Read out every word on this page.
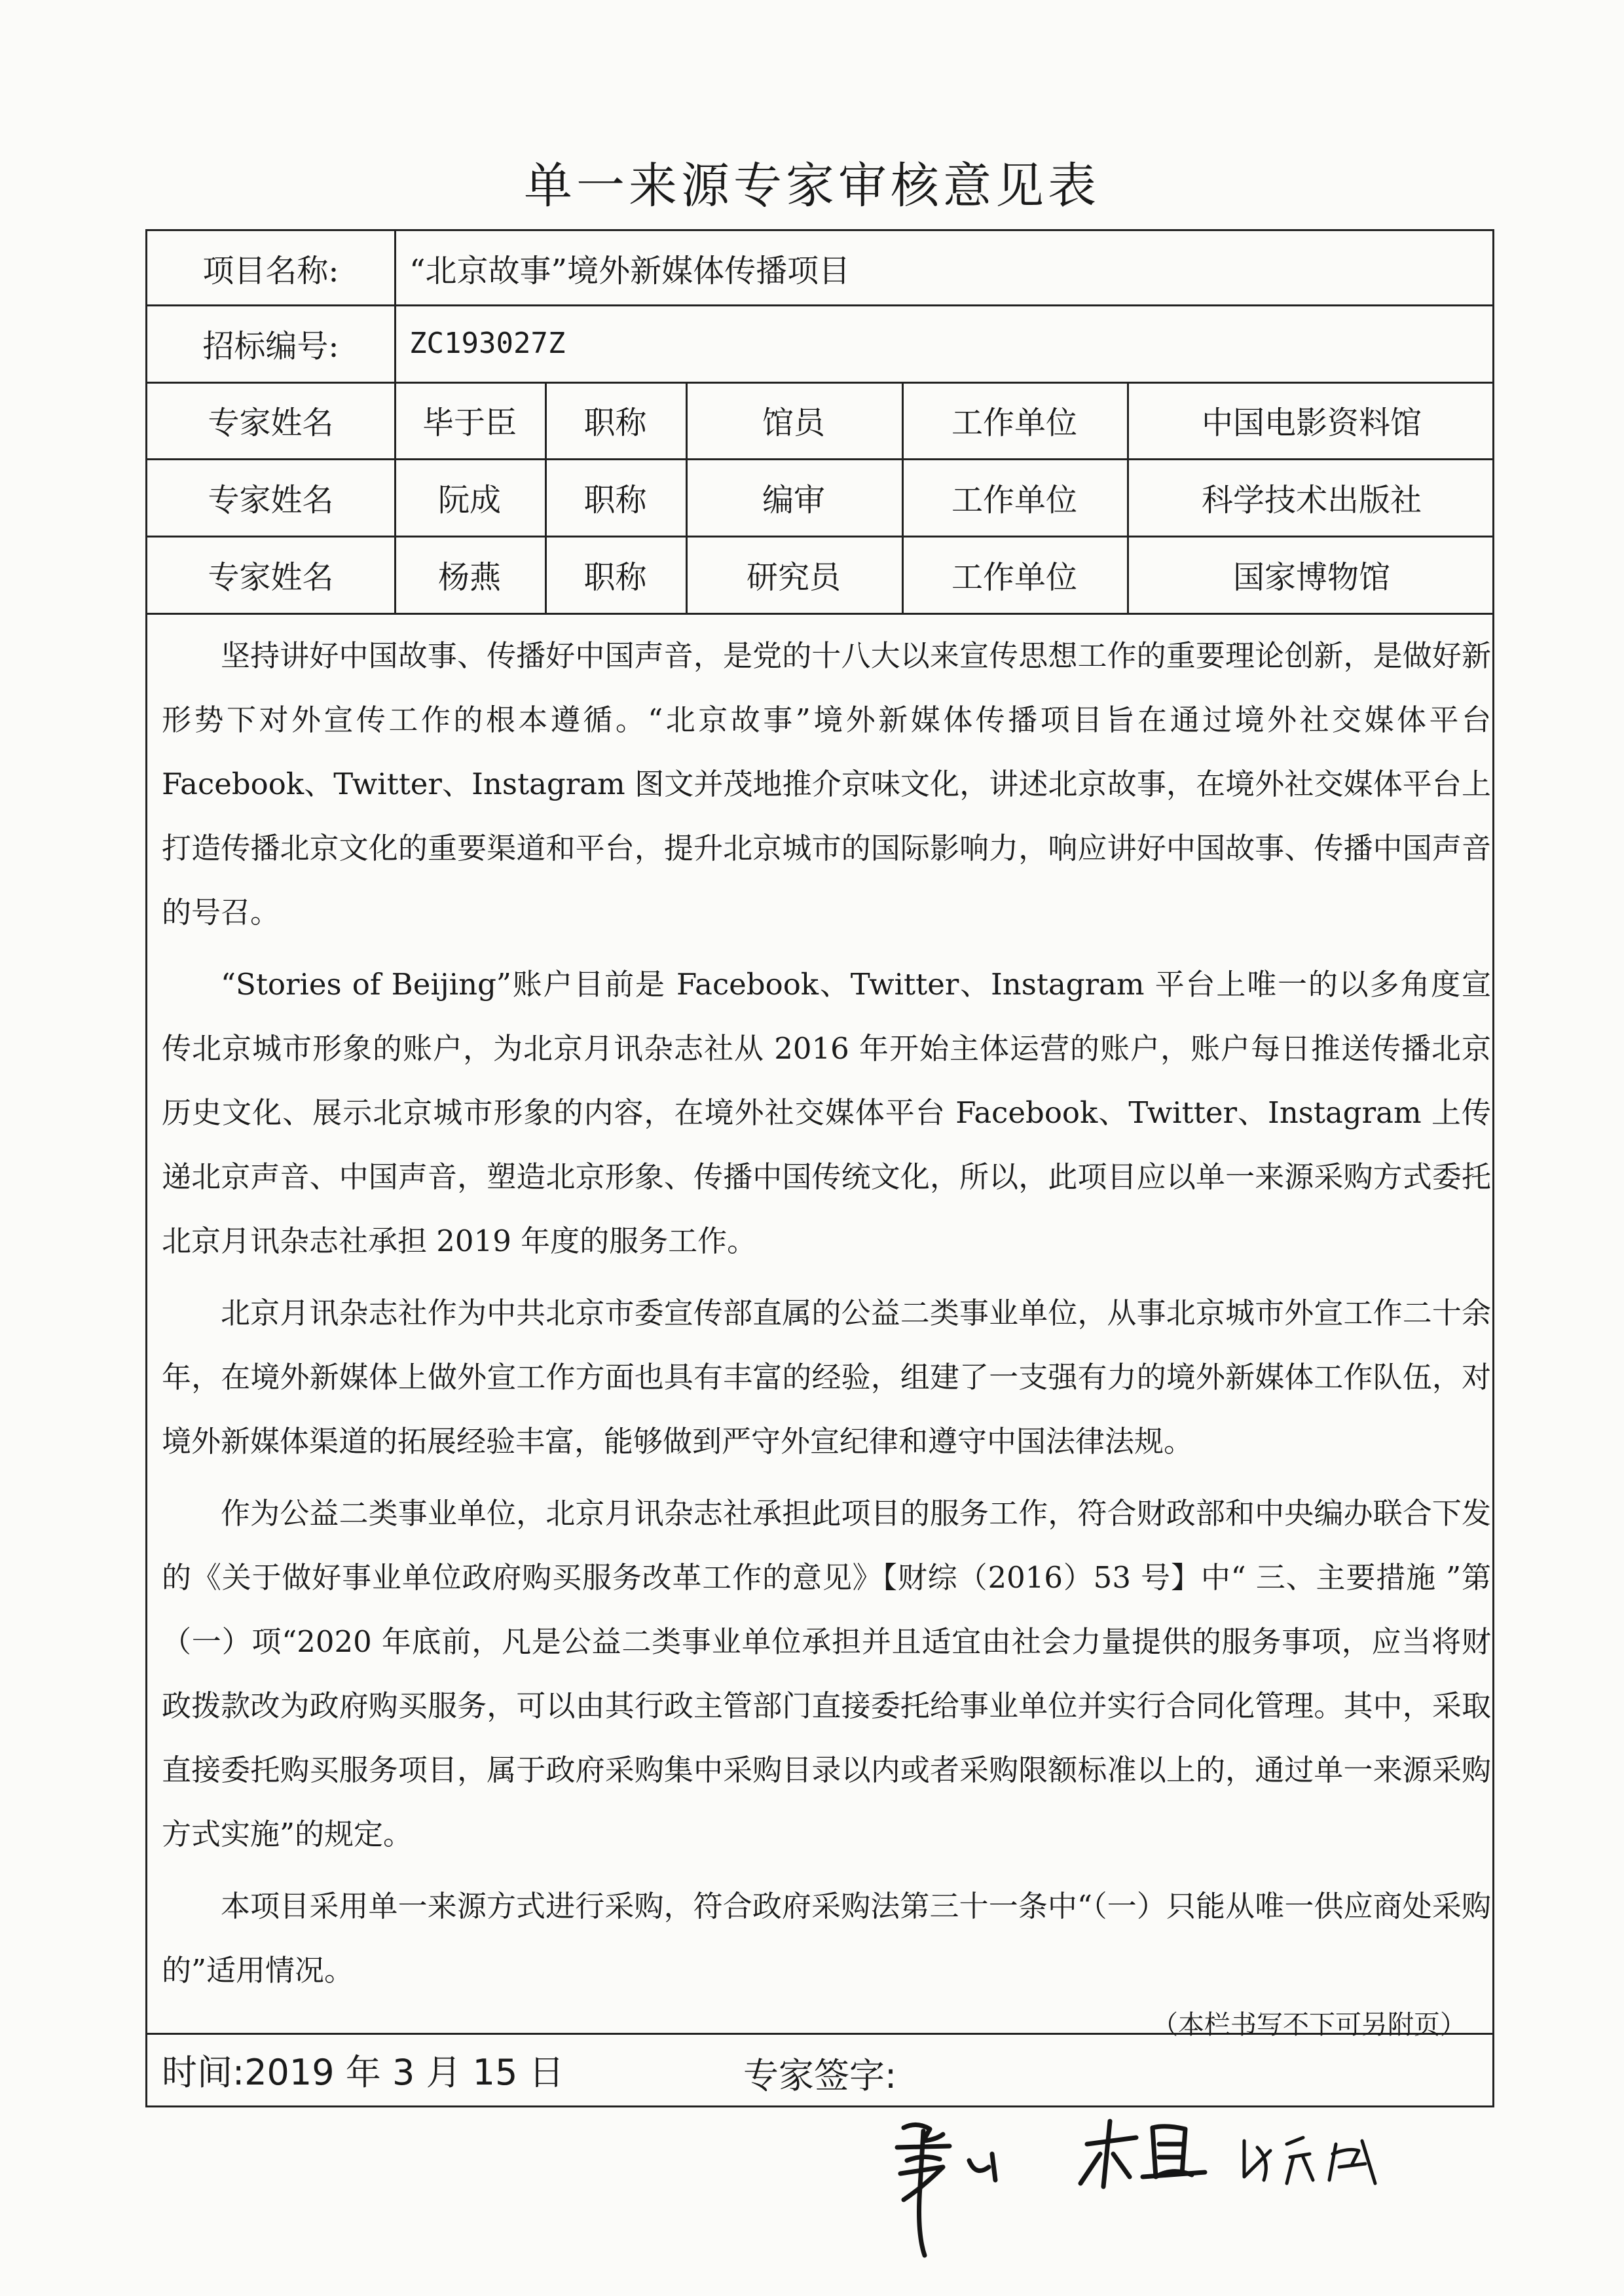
单一来源专家审核意见表
项目名称:	“北京故事”境外新媒体传播项目
招标编号:	ZC193027Z
专家姓名	毕于臣	职称	馆员	工作单位	中国电影资料馆
专家姓名	阮成	职称	编审	工作单位	科学技术出版社
专家姓名	杨燕	职称	研究员	工作单位	国家博物馆

坚持讲好中国故事、传播好中国声音，是党的十八大以来宣传思想工作的重要理论创新，是做好新形势下对外宣传工作的根本遵循。“北京故事”境外新媒体传播项目旨在通过境外社交媒体平台 Facebook、Twitter、Instagram 图文并茂地推介京味文化，讲述北京故事，在境外社交媒体平台上打造传播北京文化的重要渠道和平台，提升北京城市的国际影响力，响应讲好中国故事、传播中国声音的号召。

“Stories of Beijing”账户目前是 Facebook、Twitter、Instagram 平台上唯一的以多角度宣传北京城市形象的账户，为北京月讯杂志社从 2016 年开始主体运营的账户，账户每日推送传播北京历史文化、展示北京城市形象的内容，在境外社交媒体平台 Facebook、Twitter、Instagram 上传递北京声音、中国声音，塑造北京形象、传播中国传统文化，所以，此项目应以单一来源采购方式委托北京月讯杂志社承担 2019 年度的服务工作。

北京月讯杂志社作为中共北京市委宣传部直属的公益二类事业单位，从事北京城市外宣工作二十余年，在境外新媒体上做外宣工作方面也具有丰富的经验，组建了一支强有力的境外新媒体工作队伍，对境外新媒体渠道的拓展经验丰富，能够做到严守外宣纪律和遵守中国法律法规。

作为公益二类事业单位，北京月讯杂志社承担此项目的服务工作，符合财政部和中央编办联合下发的《关于做好事业单位政府购买服务改革工作的意见》【财综（2016）53 号】中“ 三、主要措施 ”第（一）项“2020 年底前，凡是公益二类事业单位承担并且适宜由社会力量提供的服务事项，应当将财政拨款改为政府购买服务，可以由其行政主管部门直接委托给事业单位并实行合同化管理。其中，采取直接委托购买服务项目，属于政府采购集中采购目录以内或者采购限额标准以上的，通过单一来源采购方式实施”的规定。

本项目采用单一来源方式进行采购，符合政府采购法第三十一条中“（一）只能从唯一供应商处采购的”适用情况。

（本栏书写不下可另附页）
时间:2019 年 3 月 15 日	专家签字:
